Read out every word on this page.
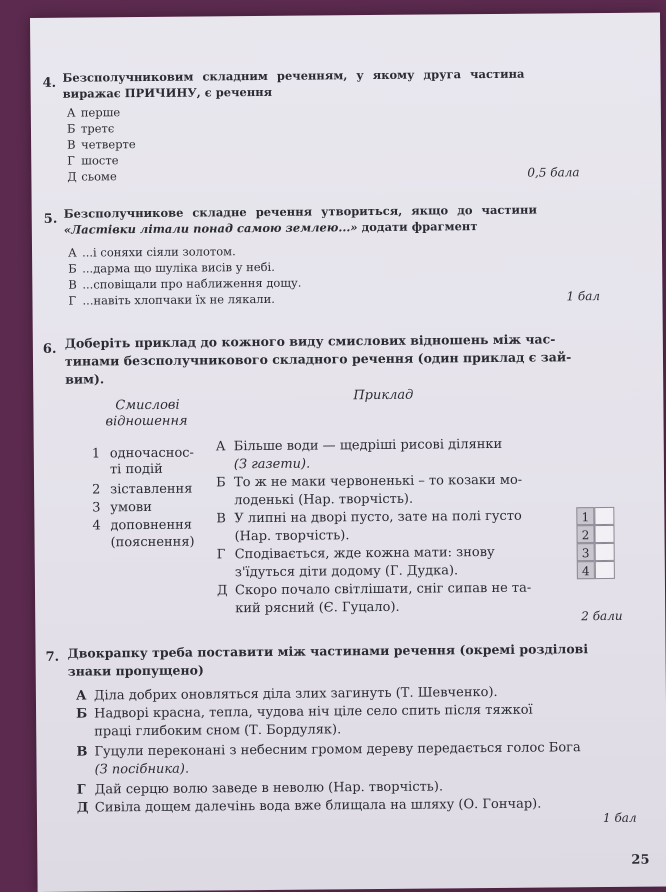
4. Безсполучниковим складним реченням, у якому друга частина
виражає ПРИЧИНУ, є речення
А перше
Б третє
В четверте
Г шосте
Д сьоме	0,5 бала
5. Безсполучникове складне речення утвориться, якщо до частини
«Ластівки літали понад самою землею...» додати фрагмент
А ...і соняхи сіяли золотом.
Б ...дарма що шуліка висів у небі.
В ...сповіщали про наближення дощу.
Г ...навіть хлопчаки їх не лякали.	1 бал
6. Доберіть приклад до кожного виду смислових відношень між час-
тинами безсполучникового складного речення (один приклад є зай-
вим).
Смислові
відношення
Приклад
1 одночаснос-
ті подій
2 зіставлення
3 умови
4 доповнення
(пояснення)
А Більше води — щедріші рисові ділянки
(З газети).
Б То ж не маки червоненькі – то козаки мо-
лоденькі (Нар. творчість).
В У липні на дворі пусто, зате на полі густо
(Нар. творчість).
Г Сподівається, жде кожна мати: знову
з'їдуться діти додому (Г. Дудка).
Д Скоро почало світлішати, сніг сипав не та-
кий рясний (Є. Гуцало).
1
2
3
4
2 бали
7. Двокрапку треба поставити між частинами речення (окремі розділові
знаки пропущено)
А Діла добрих оновляться діла злих загинуть (Т. Шевченко).
Б Надворі красна, тепла, чудова ніч ціле село спить після тяжкої
праці глибоким сном (Т. Бордуляк).
В Гуцули переконані з небесним громом дереву передається голос Бога
(З посібника).
Г Дай серцю волю заведе в неволю (Нар. творчість).
Д Сивіла дощем далечінь вода вже блищала на шляху (О. Гончар).
1 бал
25
